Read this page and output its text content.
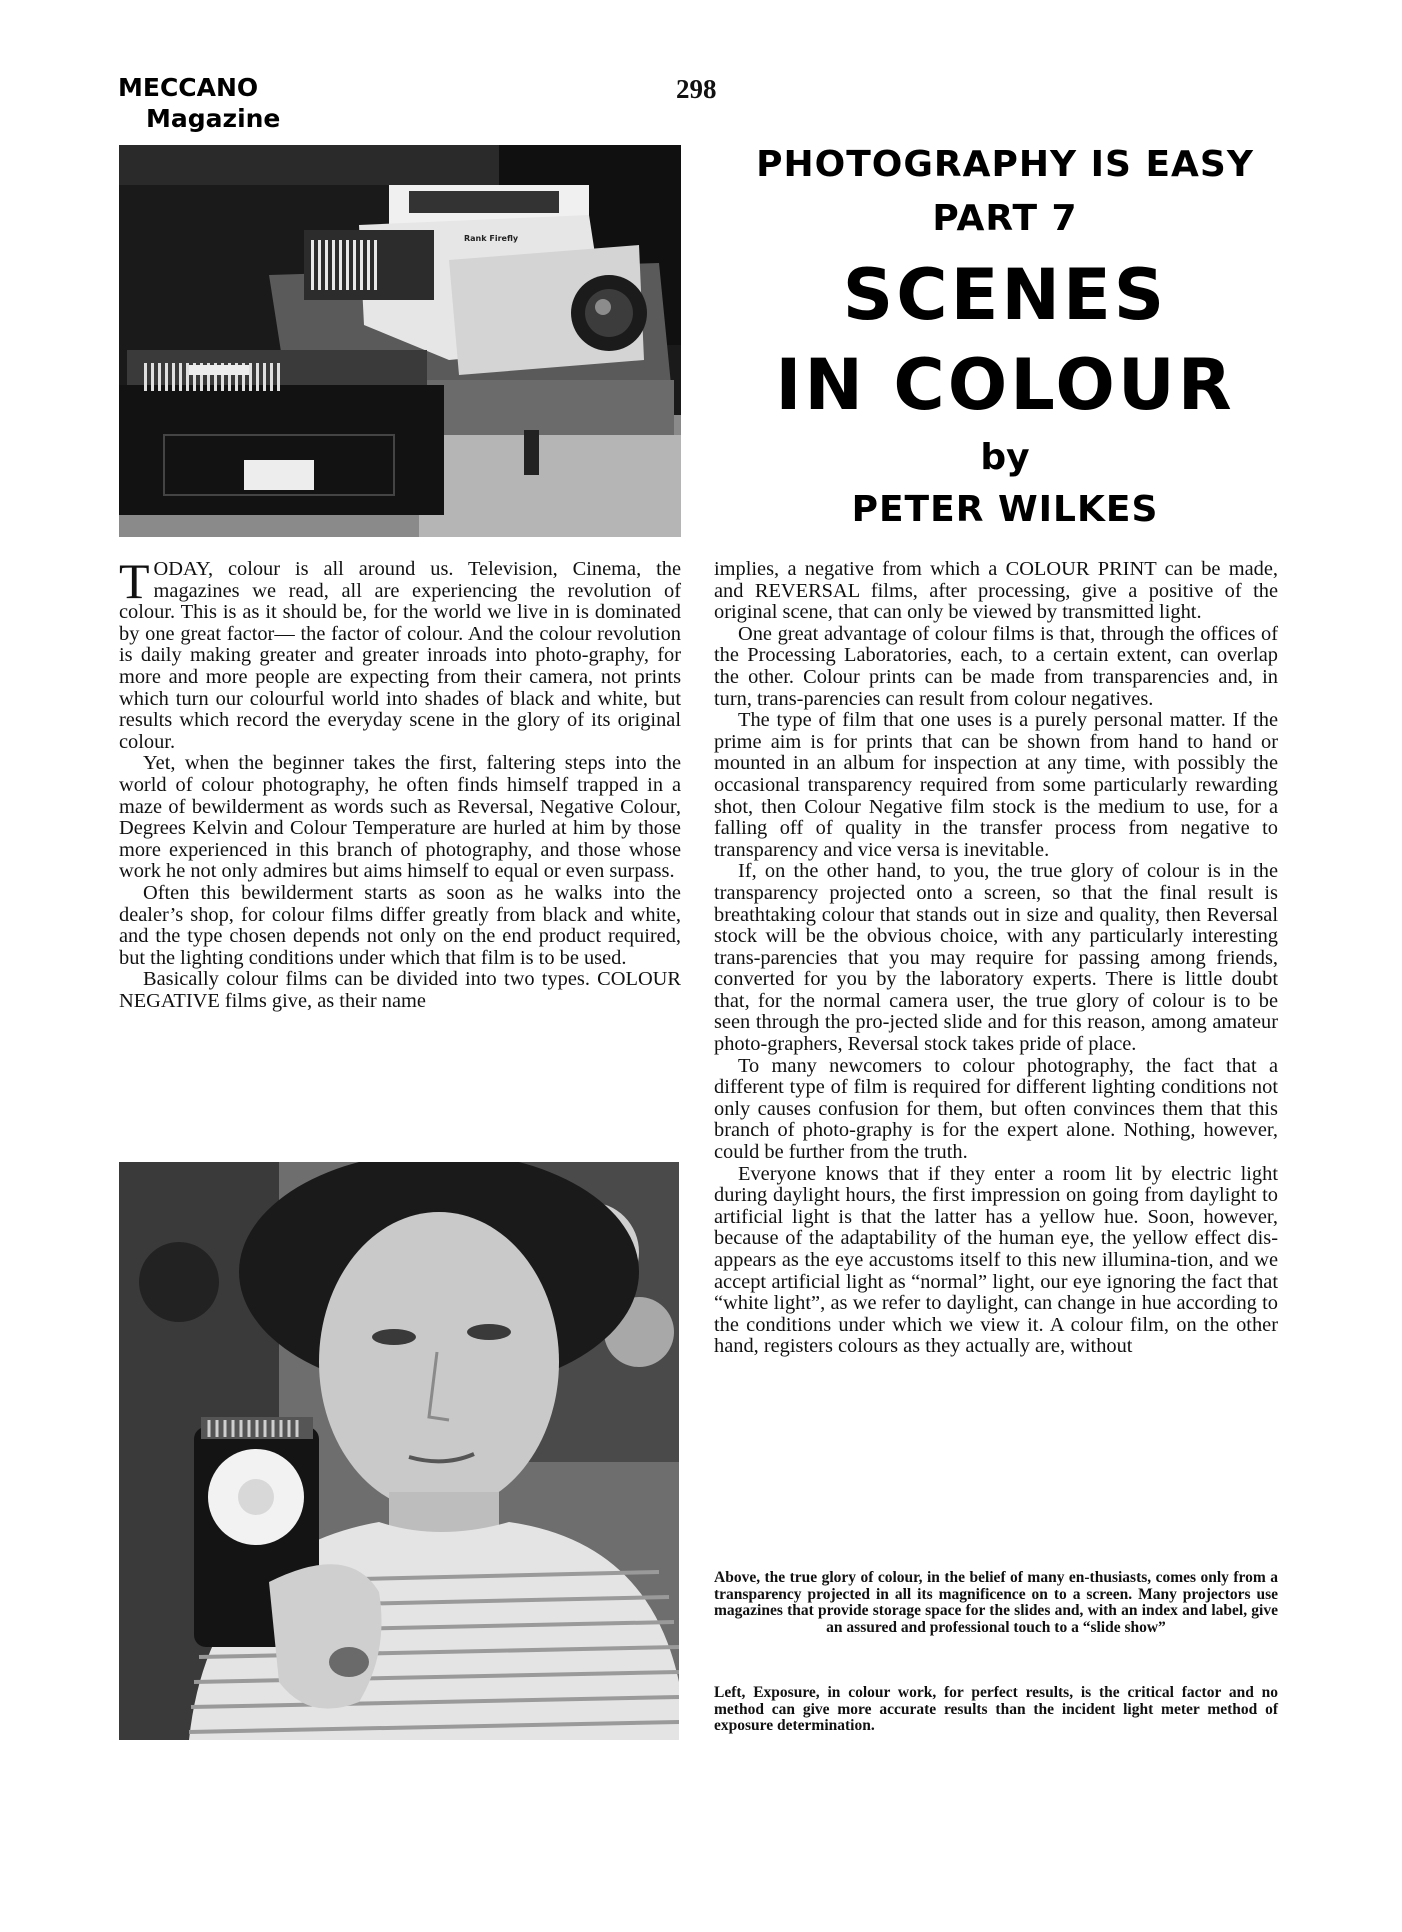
MECCANO
Magazine
298
Rank Firefly
PHOTOGRAPHY IS EASY
PART 7
SCENES
IN COLOUR
by
PETER WILKES

TODAY, colour is all around us. Television, Cinema, the magazines we read, all are experiencing the revolution of colour. This is as it should be, for the world we live in is dominated by one great factor— the factor of colour. And the colour revolution is daily making greater and greater inroads into photo-graphy, for more and more people are expecting from their camera, not prints which turn our colourful world into shades of black and white, but results which record the everyday scene in the glory of its original colour.

Yet, when the beginner takes the first, faltering steps into the world of colour photography, he often finds himself trapped in a maze of bewilderment as words such as Reversal, Negative Colour, Degrees Kelvin and Colour Temperature are hurled at him by those more experienced in this branch of photography, and those whose work he not only admires but aims himself to equal or even surpass.

Often this bewilderment starts as soon as he walks into the dealer’s shop, for colour films differ greatly from black and white, and the type chosen depends not only on the end product required, but the lighting conditions under which that film is to be used.

Basically colour films can be divided into two types. COLOUR NEGATIVE films give, as their name

implies, a negative from which a COLOUR PRINT can be made, and REVERSAL films, after processing, give a positive of the original scene, that can only be viewed by transmitted light.

One great advantage of colour films is that, through the offices of the Processing Laboratories, each, to a certain extent, can overlap the other. Colour prints can be made from transparencies and, in turn, trans-parencies can result from colour negatives.

The type of film that one uses is a purely personal matter. If the prime aim is for prints that can be shown from hand to hand or mounted in an album for inspection at any time, with possibly the occasional transparency required from some particularly rewarding shot, then Colour Negative film stock is the medium to use, for a falling off of quality in the transfer process from negative to transparency and vice versa is inevitable.

If, on the other hand, to you, the true glory of colour is in the transparency projected onto a screen, so that the final result is breathtaking colour that stands out in size and quality, then Reversal stock will be the obvious choice, with any particularly interesting trans-parencies that you may require for passing among friends, converted for you by the laboratory experts. There is little doubt that, for the normal camera user, the true glory of colour is to be seen through the pro-jected slide and for this reason, among amateur photo-graphers, Reversal stock takes pride of place.

To many newcomers to colour photography, the fact that a different type of film is required for different lighting conditions not only causes confusion for them, but often convinces them that this branch of photo-graphy is for the expert alone. Nothing, however, could be further from the truth.

Everyone knows that if they enter a room lit by electric light during daylight hours, the first impression on going from daylight to artificial light is that the latter has a yellow hue. Soon, however, because of the adaptability of the human eye, the yellow effect dis-appears as the eye accustoms itself to this new illumina-tion, and we accept artificial light as “normal” light, our eye ignoring the fact that “white light”, as we refer to daylight, can change in hue according to the conditions under which we view it. A colour film, on the other hand, registers colours as they actually are, without

Above, the true glory of colour, in the belief of many en-thusiasts, comes only from a transparency projected in all its magnificence on to a screen. Many projectors use magazines that provide storage space for the slides and, with an index and label, give an assured and professional touch to a “slide show”
Left, Exposure, in colour work, for perfect results, is the critical factor and no method can give more accurate results than the incident light meter method of exposure determination.
